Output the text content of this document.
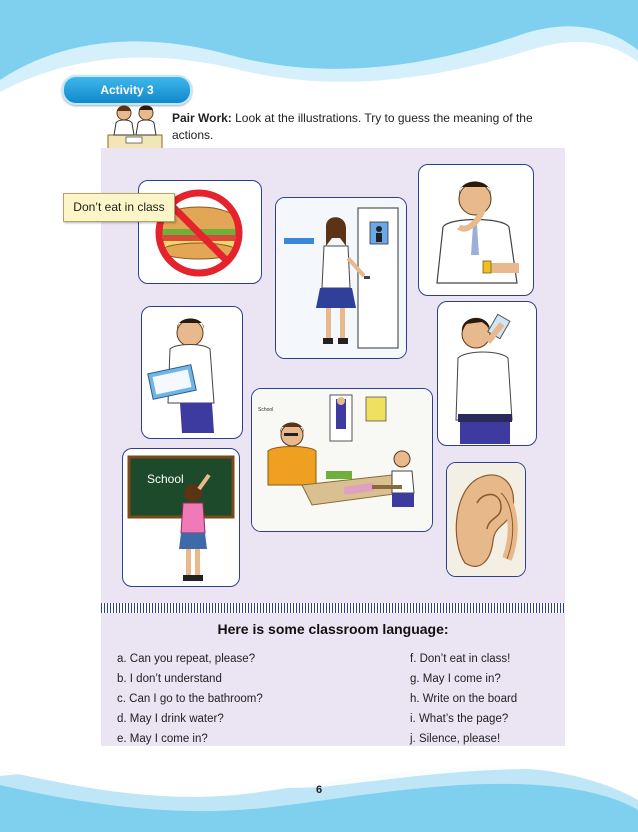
Activity 3

Pair Work: Look at the illustrations. Try to guess the meaning of the actions.

Don’t eat in class
School
School
Here is some classroom language:
a. Can you repeat, please?
b. I don’t understand
c. Can I go to the bathroom?
d. May I drink water?
e. May I come in?
f. Don’t eat in class!
g. May I come in?
h. Write on the board
i. What’s the page?
j. Silence, please!
6
